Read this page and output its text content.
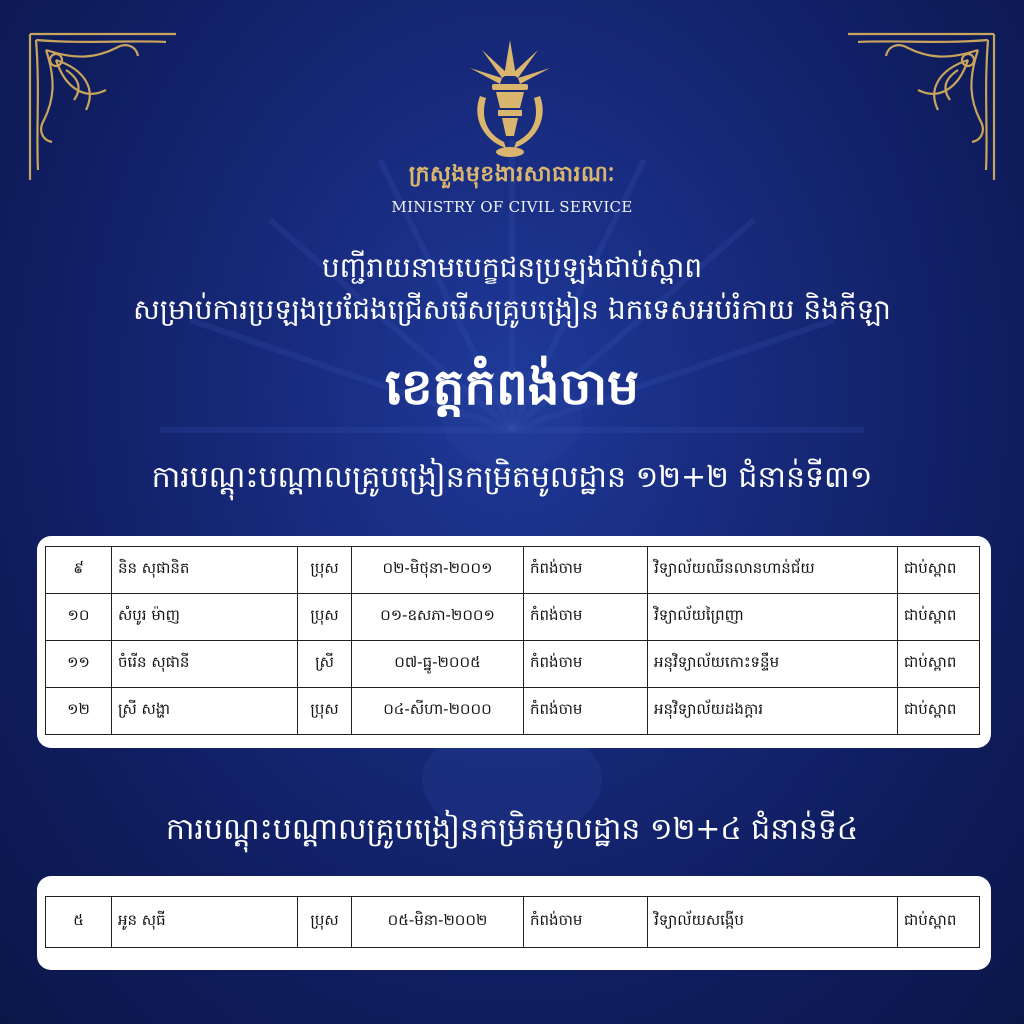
ក្រសួងមុខងារសាធារណៈ
MINISTRY OF CIVIL SERVICE
បញ្ជីរាយនាមបេក្ខជនប្រឡងជាប់ស្ពាព
សម្រាប់ការប្រឡងប្រជែងជ្រើសរើសគ្រូបង្រៀន ឯកទេសអប់រំកាយ និងកីឡា
ខេត្តកំពង់ចាម
ការបណ្តុះបណ្តាលគ្រូបង្រៀនកម្រិតមូលដ្ឋាន ១២+២ ជំនាន់ទី៣១
៩	និន សុផានិត	ប្រុស	០២-មិថុនា-២០០១	កំពង់ចាម	វិទ្យាល័យឈីនលានហាន់ជ័យ	ជាប់ស្ពាព
១០	សំបូរ ម៉ាញ	ប្រុស	០១-ឧសភា-២០០១	កំពង់ចាម	វិទ្យាល័យព្រៃញា	ជាប់ស្ពាព
១១	ចំរើន សុផានី	ស្រី	០៧-ធ្នូ-២០០៥	កំពង់ចាម	អនុវិទ្យាល័យកោះទន្ទឹម	ជាប់ស្ពាព
១២	ស្រី សង្ហា	ប្រុស	០៤-សីហា-២០០០	កំពង់ចាម	អនុវិទ្យាល័យដងក្ដារ	ជាប់ស្ពាព
ការបណ្តុះបណ្តាលគ្រូបង្រៀនកម្រិតមូលដ្ឋាន ១២+៤ ជំនាន់ទី៤
៥	អូន សុធី	ប្រុស	០៥-មិនា-២០០២	កំពង់ចាម	វិទ្យាល័យសង្កើប	ជាប់ស្ពាព
